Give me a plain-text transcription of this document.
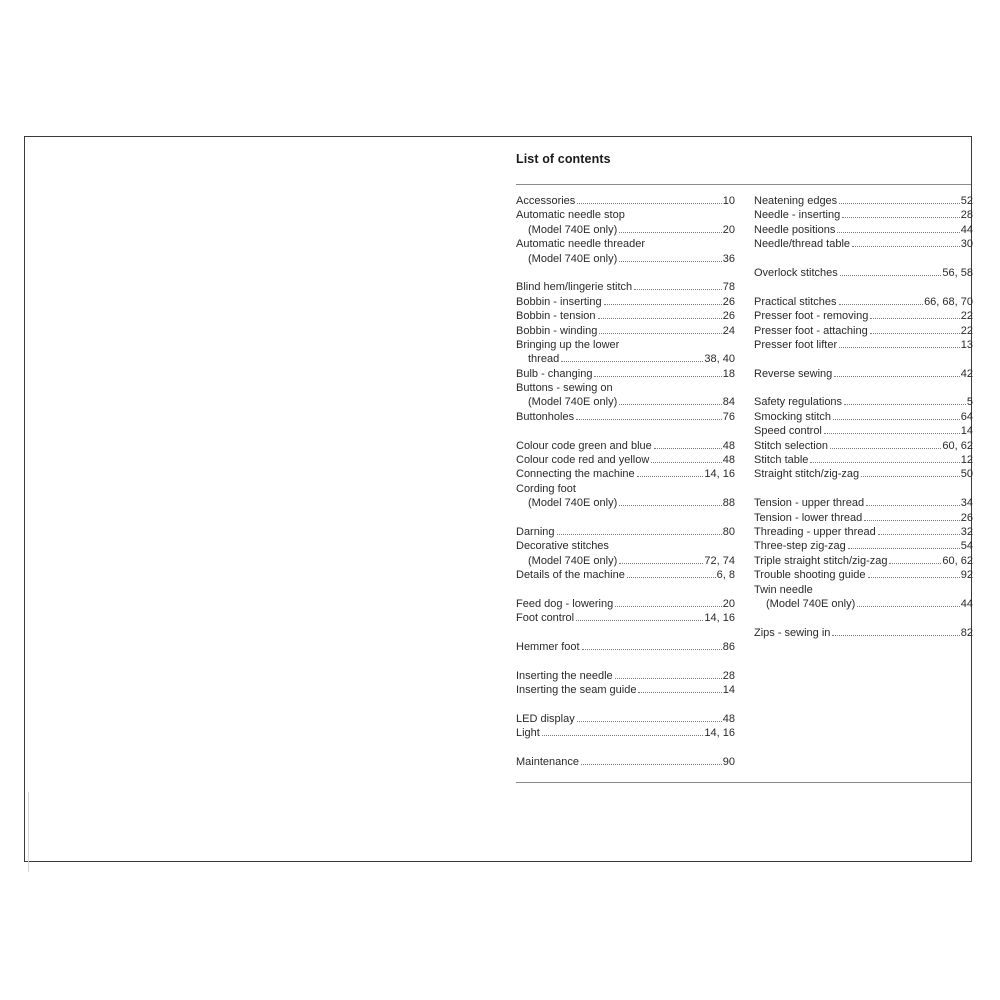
List of contents
Accessories	10
Automatic needle stop
(Model 740E only)	20
Automatic needle threader
(Model 740E only)	36
Blind hem/lingerie stitch	78
Bobbin - inserting	26
Bobbin - tension	26
Bobbin - winding	24
Bringing up the lower
thread	38, 40
Bulb - changing	18
Buttons - sewing on
(Model 740E only)	84
Buttonholes	76
Colour code green and blue	48
Colour code red and yellow	48
Connecting the machine	14, 16
Cording foot
(Model 740E only)	88
Darning	80
Decorative stitches
(Model 740E only)	72, 74
Details of the machine	6, 8
Feed dog - lowering	20
Foot control	14, 16
Hemmer foot	86
Inserting the needle	28
Inserting the seam guide	14
LED display	48
Light	14, 16
Maintenance	90
Neatening edges	52
Needle - inserting	28
Needle positions	44
Needle/thread table	30
Overlock stitches	56, 58
Practical stitches	66, 68, 70
Presser foot - removing	22
Presser foot - attaching	22
Presser foot lifter	13
Reverse sewing	42
Safety regulations	5
Smocking stitch	64
Speed control	14
Stitch selection	60, 62
Stitch table	12
Straight stitch/zig-zag	50
Tension - upper thread	34
Tension - lower thread	26
Threading - upper thread	32
Three-step zig-zag	54
Triple straight stitch/zig-zag	60, 62
Trouble shooting guide	92
Twin needle
(Model 740E only)	44
Zips - sewing in	82
